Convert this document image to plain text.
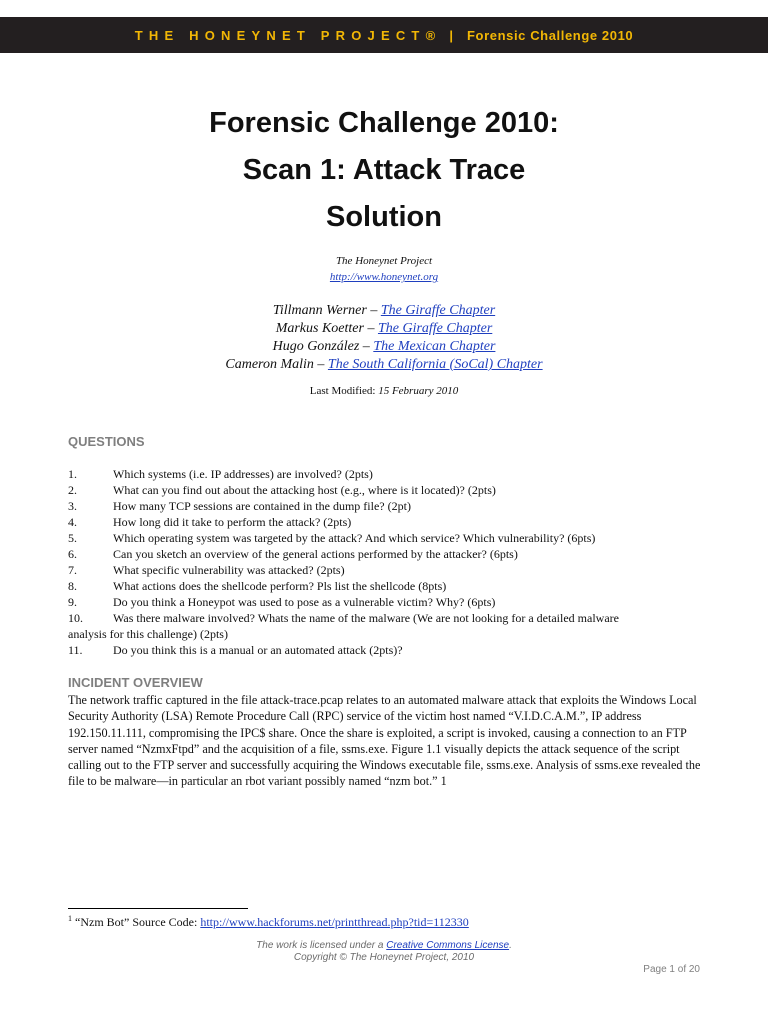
THE HONEYNET PROJECT® | Forensic Challenge 2010
Forensic Challenge 2010:
Scan 1: Attack Trace
Solution
The Honeynet Project
http://www.honeynet.org
Tillmann Werner – The Giraffe Chapter
Markus Koetter – The Giraffe Chapter
Hugo González – The Mexican Chapter
Cameron Malin – The South California (SoCal) Chapter
Last Modified: 15 February 2010
QUESTIONS
1.	Which systems (i.e. IP addresses) are involved? (2pts)
2.	What can you find out about the attacking host (e.g., where is it located)? (2pts)
3.	How many TCP sessions are contained in the dump file? (2pt)
4.	How long did it take to perform the attack? (2pts)
5.	Which operating system was targeted by the attack? And which service? Which vulnerability? (6pts)
6.	Can you sketch an overview of the general actions performed by the attacker? (6pts)
7.	What specific vulnerability was attacked? (2pts)
8.	What actions does the shellcode perform? Pls list the shellcode (8pts)
9.	Do you think a Honeypot was used to pose as a vulnerable victim? Why? (6pts)
10.	Was there malware involved? Whats the name of the malware (We are not looking for a detailed malware
analysis for this challenge) (2pts)
11.	Do you think this is a manual or an automated attack (2pts)?
INCIDENT OVERVIEW
The network traffic captured in the file attack-trace.pcap relates to an automated malware attack that exploits the Windows Local Security Authority (LSA) Remote Procedure Call (RPC) service of the victim host named “V.I.D.C.A.M.”, IP address 192.150.11.111, compromising the IPC$ share. Once the share is exploited, a script is invoked, causing a connection to an FTP server named “NzmxFtpd” and the acquisition of a file, ssms.exe. Figure 1.1 visually depicts the attack sequence of the script calling out to the FTP server and successfully acquiring the Windows executable file, ssms.exe. Analysis of ssms.exe revealed the file to be malware—in particular an rbot variant possibly named “nzm bot.” 1
$^1$ “Nzm Bot” Source Code: http://www.hackforums.net/printthread.php?tid=112330
The work is licensed under a Creative Commons License.
Copyright © The Honeynet Project, 2010
Page 1 of 20
